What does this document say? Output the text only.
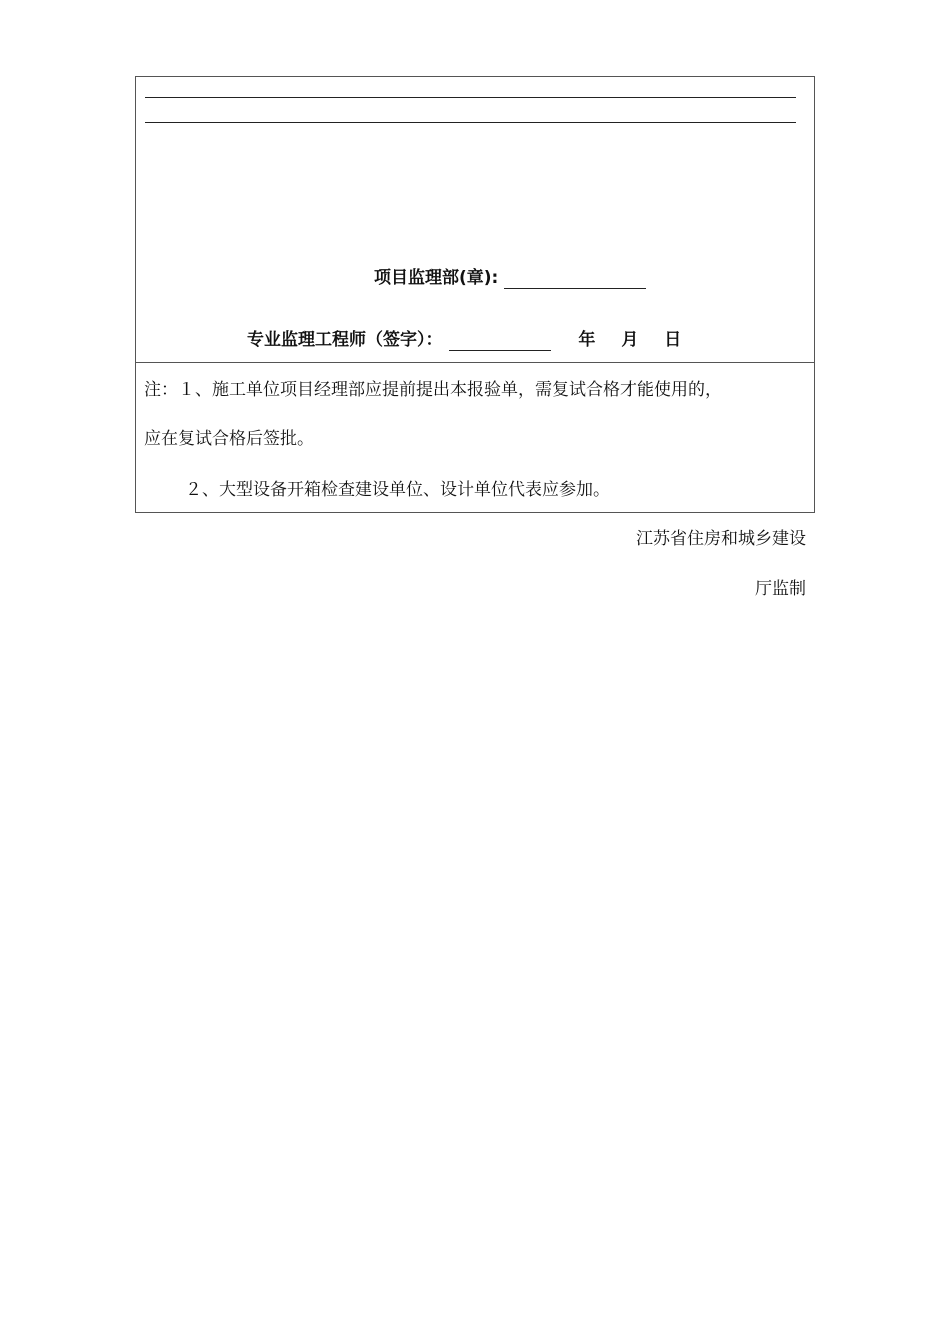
项目监理部(章):
专业监理工程师（签字）：	年 月 日
注：１、施工单位项目经理部应提前提出本报验单，需复试合格才能使用的，
应在复试合格后签批。
２、大型设备开箱检查建设单位、设计单位代表应参加。
江苏省住房和城乡建设
厅监制
